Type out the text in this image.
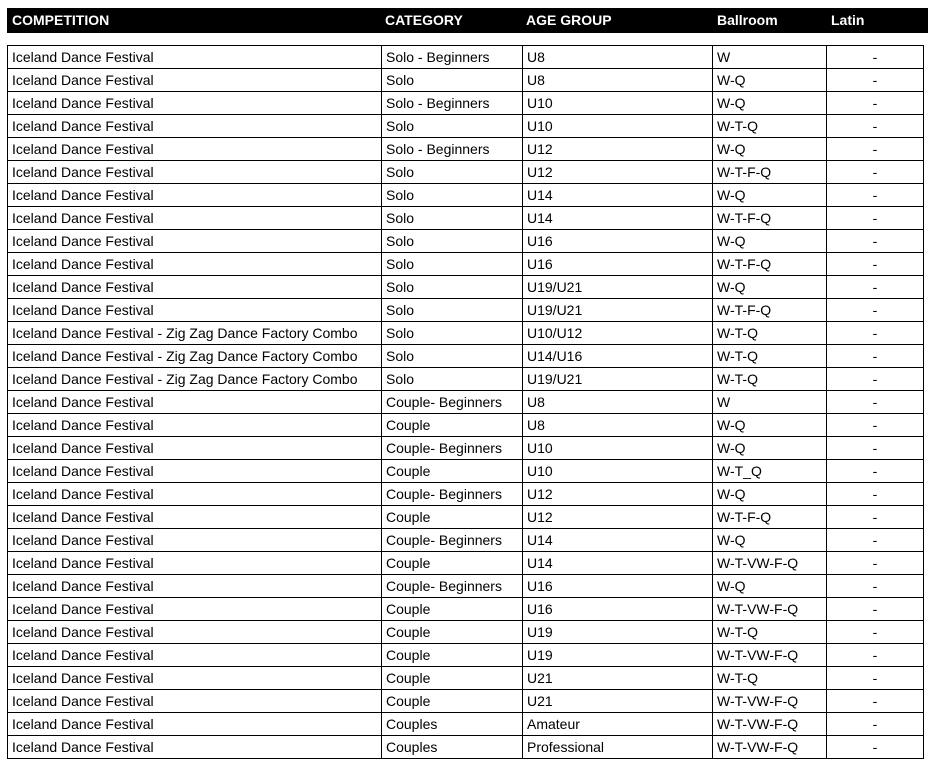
COMPETITION	CATEGORY	AGE GROUP	Ballroom	Latin
Iceland Dance Festival	Solo - Beginners	U8	W	-
Iceland Dance Festival	Solo	U8	W-Q	-
Iceland Dance Festival	Solo - Beginners	U10	W-Q	-
Iceland Dance Festival	Solo	U10	W-T-Q	-
Iceland Dance Festival	Solo - Beginners	U12	W-Q	-
Iceland Dance Festival	Solo	U12	W-T-F-Q	-
Iceland Dance Festival	Solo	U14	W-Q	-
Iceland Dance Festival	Solo	U14	W-T-F-Q	-
Iceland Dance Festival	Solo	U16	W-Q	-
Iceland Dance Festival	Solo	U16	W-T-F-Q	-
Iceland Dance Festival	Solo	U19/U21	W-Q	-
Iceland Dance Festival	Solo	U19/U21	W-T-F-Q	-
Iceland Dance Festival - Zig Zag Dance Factory Combo	Solo	U10/U12	W-T-Q	-
Iceland Dance Festival - Zig Zag Dance Factory Combo	Solo	U14/U16	W-T-Q	-
Iceland Dance Festival - Zig Zag Dance Factory Combo	Solo	U19/U21	W-T-Q	-
Iceland Dance Festival	Couple- Beginners	U8	W	-
Iceland Dance Festival	Couple	U8	W-Q	-
Iceland Dance Festival	Couple- Beginners	U10	W-Q	-
Iceland Dance Festival	Couple	U10	W-T_Q	-
Iceland Dance Festival	Couple- Beginners	U12	W-Q	-
Iceland Dance Festival	Couple	U12	W-T-F-Q	-
Iceland Dance Festival	Couple- Beginners	U14	W-Q	-
Iceland Dance Festival	Couple	U14	W-T-VW-F-Q	-
Iceland Dance Festival	Couple- Beginners	U16	W-Q	-
Iceland Dance Festival	Couple	U16	W-T-VW-F-Q	-
Iceland Dance Festival	Couple	U19	W-T-Q	-
Iceland Dance Festival	Couple	U19	W-T-VW-F-Q	-
Iceland Dance Festival	Couple	U21	W-T-Q	-
Iceland Dance Festival	Couple	U21	W-T-VW-F-Q	-
Iceland Dance Festival	Couples	Amateur	W-T-VW-F-Q	-
Iceland Dance Festival	Couples	Professional	W-T-VW-F-Q	-
